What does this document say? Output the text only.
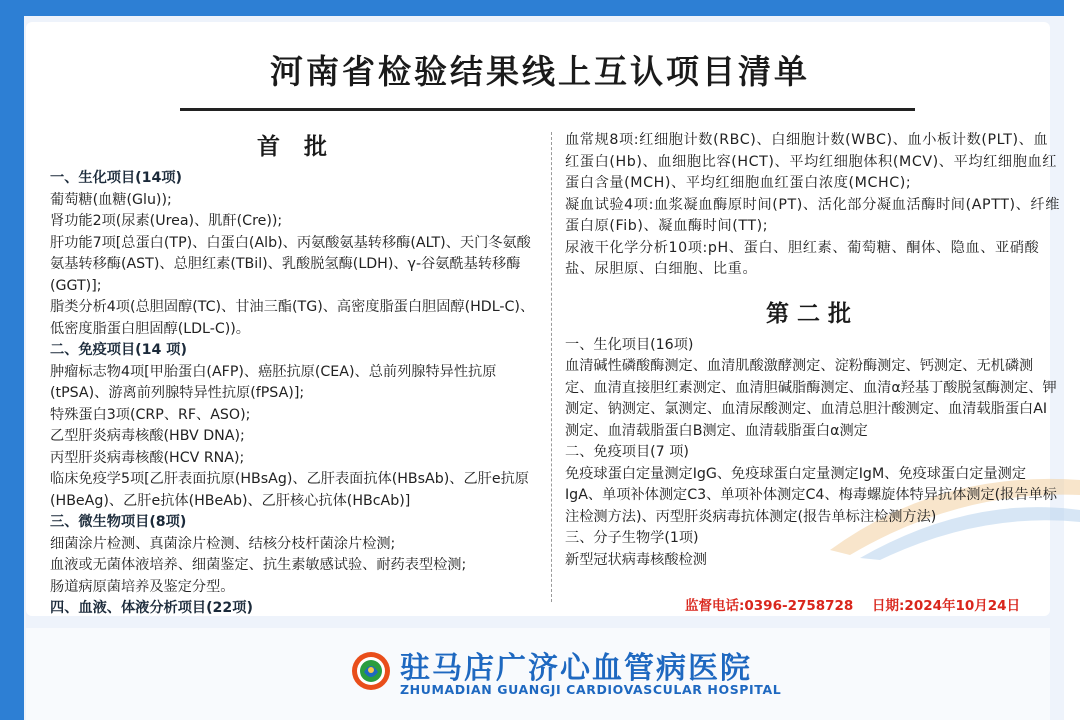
河南省检验结果线上互认项目清单
首 批

一、生化项目(14项)

葡萄糖(血糖(Glu));

肾功能2项(尿素(Urea)、肌酐(Cre));

肝功能7项[总蛋白(TP)、白蛋白(Alb)、丙氨酸氨基转移酶(ALT)、天门冬氨酸氨基转移酶(AST)、总胆红素(TBil)、乳酸脱氢酶(LDH)、γ-谷氨酰基转移酶(GGT)];

脂类分析4项(总胆固醇(TC)、甘油三酯(TG)、高密度脂蛋白胆固醇(HDL-C)、低密度脂蛋白胆固醇(LDL-C))。

二、免疫项目(14 项)

肿瘤标志物4项[甲胎蛋白(AFP)、癌胚抗原(CEA)、总前列腺特异性抗原(tPSA)、游离前列腺特异性抗原(fPSA)];

特殊蛋白3项(CRP、RF、ASO);

乙型肝炎病毒核酸(HBV DNA);

丙型肝炎病毒核酸(HCV RNA);

临床免疫学5项[乙肝表面抗原(HBsAg)、乙肝表面抗体(HBsAb)、乙肝e抗原(HBeAg)、乙肝e抗体(HBeAb)、乙肝核心抗体(HBcAb)]

三、微生物项目(8项)

细菌涂片检测、真菌涂片检测、结核分枝杆菌涂片检测;

血液或无菌体液培养、细菌鉴定、抗生素敏感试验、耐药表型检测;

肠道病原菌培养及鉴定分型。

四、血液、体液分析项目(22项)

血常规8项:红细胞计数(RBC)、白细胞计数(WBC)、血小板计数(PLT)、血红蛋白(Hb)、血细胞比容(HCT)、平均红细胞体积(MCV)、平均红细胞血红蛋白含量(MCH)、平均红细胞血红蛋白浓度(MCHC);

凝血试验4项:血浆凝血酶原时间(PT)、活化部分凝血活酶时间(APTT)、纤维蛋白原(Fib)、凝血酶时间(TT);

尿液干化学分析10项:pH、蛋白、胆红素、葡萄糖、酮体、隐血、亚硝酸盐、尿胆原、白细胞、比重。

第二批

一、生化项目(16项)

血清碱性磷酸酶测定、血清肌酸激酵测定、淀粉酶测定、钙测定、无机磷测定、血清直接胆红素测定、血清胆碱脂酶测定、血清α羟基丁酸脱氢酶测定、钾测定、钠测定、氯测定、血清尿酸测定、血清总胆汁酸测定、血清载脂蛋白AI测定、血清载脂蛋白B测定、血清载脂蛋白α测定

二、免疫项目(7 项)

免疫球蛋白定量测定IgG、免疫球蛋白定量测定IgM、免疫球蛋白定量测定IgA、单项补体测定C3、单项补体测定C4、梅毒螺旋体特异抗体测定(报告单标注检测方法)、丙型肝炎病毒抗体测定(报告单标注检测方法)

三、分子生物学(1项)

新型冠状病毒核酸检测

监督电话:0396-2758728 日期:2024年10月24日
驻马店广济心血管病医院
ZHUMADIAN GUANGJI CARDIOVASCULAR HOSPITAL
